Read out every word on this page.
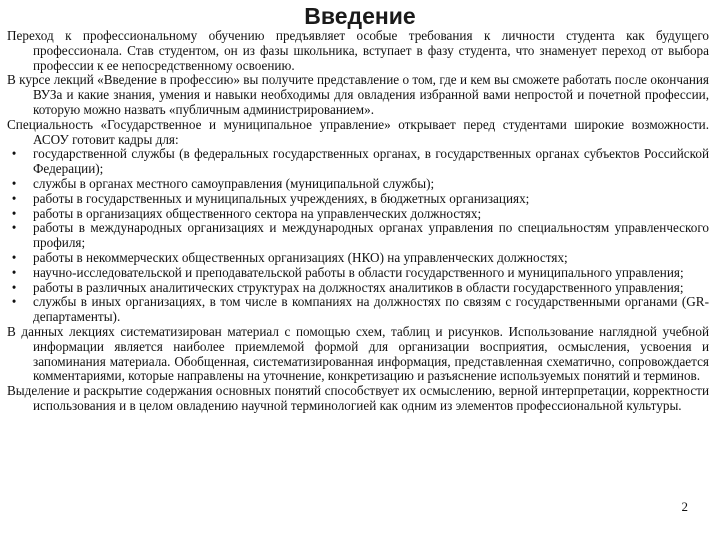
Введение

Переход к профессиональному обучению предъявляет особые требования к личности студента как будущего профессионала. Став студентом, он из фазы школьника, вступает в фазу студента, что знаменует переход от выбора профессии к ее непосредственному освоению.

В курсе лекций «Введение в профессию» вы получите представление о том, где и кем вы сможете работать после окончания ВУЗа и какие знания, умения и навыки необходимы для овладения избранной вами непростой и почетной профессии, которую можно назвать «публичным администрированием».

Специальность «Государственное и муниципальное управление» открывает перед студентами широкие возможности. АСОУ готовит кадры для:

•	государственной службы (в федеральных государственных органах, в государственных органах субъектов Российской Федерации);
•	службы в органах местного самоуправления (муниципальной службы);
•	работы в государственных и муниципальных учреждениях, в бюджетных организациях;
•	работы в организациях общественного сектора на управленческих должностях;
•	работы в международных организациях и международных органах управления по специальностям управленческого профиля;
•	работы в некоммерческих общественных организациях (НКО) на управленческих должностях;
•	научно-исследовательской и преподавательской работы в области государственного и муниципального управления;
•	работы в различных аналитических структурах на должностях аналитиков в области государственного управления;
•	службы в иных организациях, в том числе в компаниях на должностях по связям с государственными органами (GR-департаменты).

В данных лекциях систематизирован материал с помощью схем, таблиц и рисунков. Использование наглядной учебной информации является наиболее приемлемой формой для организации восприятия, осмысления, усвоения и запоминания материала. Обобщенная, систематизированная информация, представленная схематично, сопровождается комментариями, которые направлены на уточнение, конкретизацию и разъяснение используемых понятий и терминов.

Выделение и раскрытие содержания основных понятий способствует их осмыслению, верной интерпретации, корректности использования и в целом овладению научной терминологией как одним из элементов профессиональной культуры.

2
